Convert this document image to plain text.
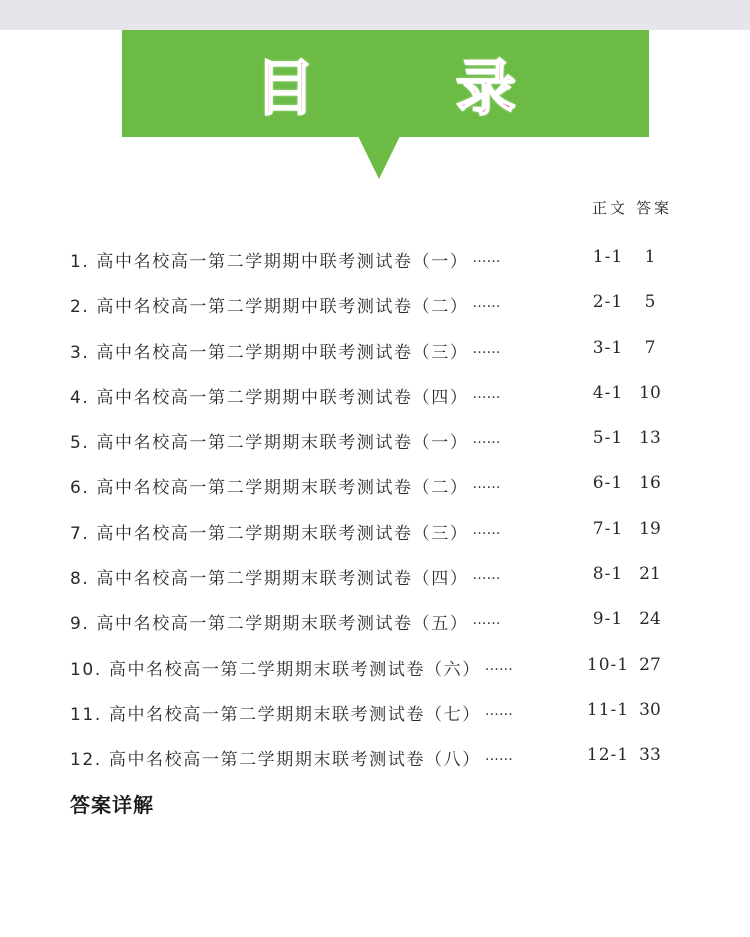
目 录
正文 答案
1. 高中名校高一第二学期期中联考测试卷（一） ……	1-1	1
2. 高中名校高一第二学期期中联考测试卷（二） ……	2-1	5
3. 高中名校高一第二学期期中联考测试卷（三） ……	3-1	7
4. 高中名校高一第二学期期中联考测试卷（四） ……	4-1 10
5. 高中名校高一第二学期期末联考测试卷（一） ……	5-1 13
6. 高中名校高一第二学期期末联考测试卷（二） ……	6-1 16
7. 高中名校高一第二学期期末联考测试卷（三） ……	7-1 19
8. 高中名校高一第二学期期末联考测试卷（四） ……	8-1 21
9. 高中名校高一第二学期期末联考测试卷（五） ……	9-1 24
10. 高中名校高一第二学期期末联考测试卷（六） ……	10-1 27
11. 高中名校高一第二学期期末联考测试卷（七） ……	11-1 30
12. 高中名校高一第二学期期末联考测试卷（八） ……	12-1 33
答案详解
